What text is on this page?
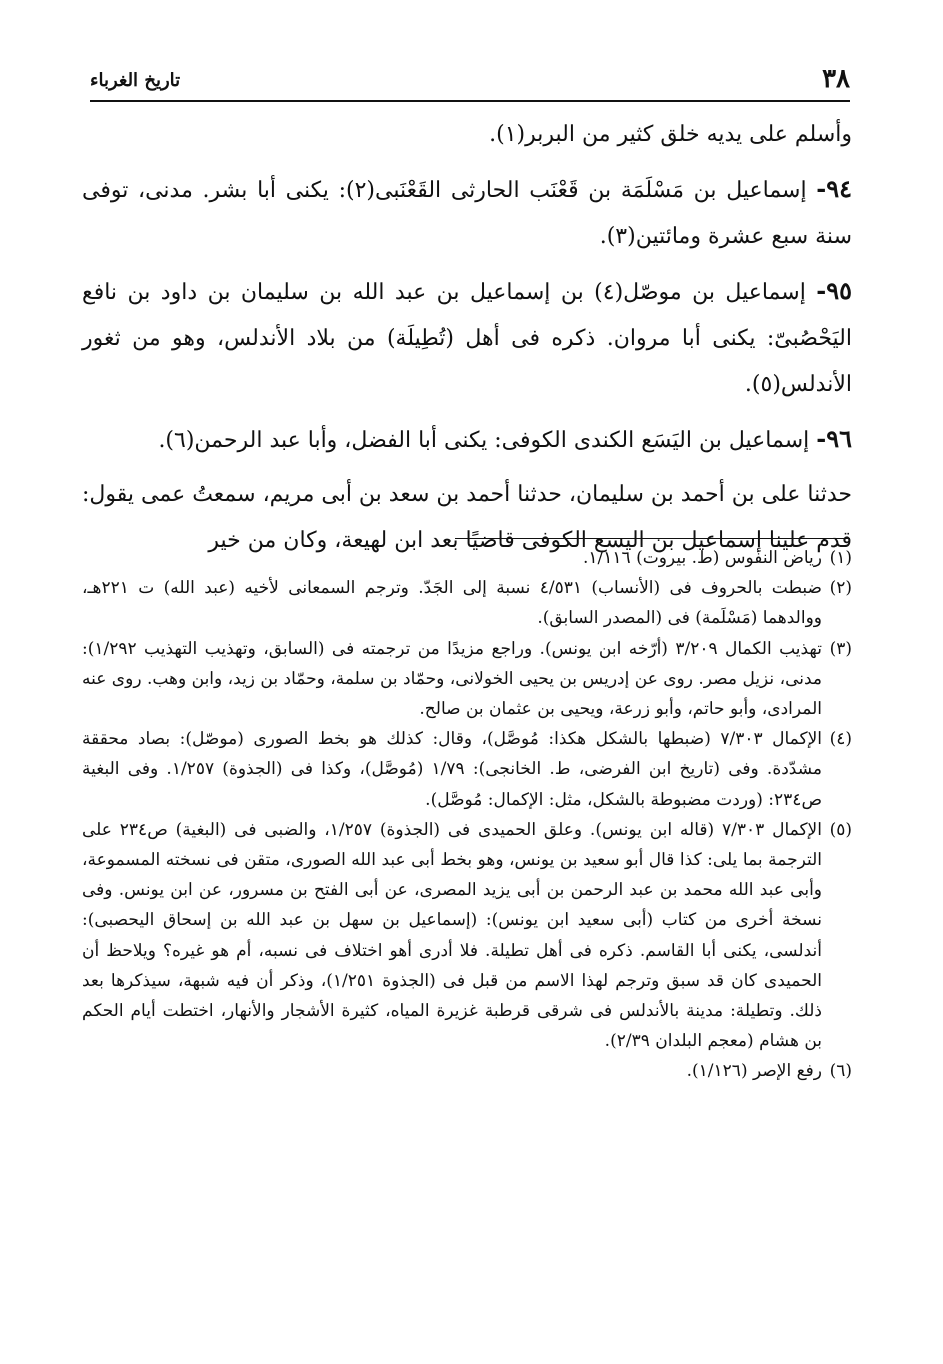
٣٨
تاريخ الغرباء

وأسلم على يديه خلق كثير من البربر(١).

٩٤- إسماعيل بن مَسْلَمَة بن قَعْنَب الحارثى القَعْنَبى(٢): يكنى أبا بشر. مدنى، توفى سنة سبع عشرة ومائتين(٣).

٩٥- إسماعيل بن موصّل(٤) بن إسماعيل بن عبد الله بن سليمان بن داود بن نافع اليَحْصُبىّ: يكنى أبا مروان. ذكره فى أهل (تُطِيلَة) من بلاد الأندلس، وهو من ثغور الأندلس(٥).

٩٦- إسماعيل بن اليَسَع الكندى الكوفى: يكنى أبا الفضل، وأبا عبد الرحمن(٦).

حدثنا على بن أحمد بن سليمان، حدثنا أحمد بن سعد بن أبى مريم، سمعتُ عمى يقول: قدم علينا إسماعيل بن اليسع الكوفى قاضيًا بعد ابن لهيعة، وكان من خير

(١)رياض النفوس (ط. بيروت) ١/١١٦.

(٢)ضبطت بالحروف فى (الأنساب) ٤/٥٣١ نسبة إلى الجَدّ. وترجم السمعانى لأخيه (عبد الله) ت ٢٢١هـ، ووالدهما (مَسْلَمة) فى (المصدر السابق).

(٣)تهذيب الكمال ٣/٢٠٩ (أرّخه ابن يونس). وراجع مزيدًا من ترجمته فى (السابق، وتهذيب التهذيب ١/٢٩٢): مدنى، نزيل مصر. روى عن إدريس بن يحيى الخولانى، وحمّاد بن سلمة، وحمّاد بن زيد، وابن وهب. روى عنه المرادى، وأبو حاتم، وأبو زرعة، ويحيى بن عثمان بن صالح.

(٤)الإكمال ٧/٣٠٣ (ضبطها بالشكل هكذا: مُوصَّل)، وقال: كذلك هو بخط الصورى (موصّل): بصاد محققة مشدّدة. وفى (تاريخ ابن الفرضى، ط. الخانجى): ١/٧٩ (مُوصَّل)، وكذا فى (الجذوة) ١/٢٥٧. وفى البغية ص٢٣٤: (وردت مضبوطة بالشكل، مثل: الإكمال: مُوصَّل).

(٥)الإكمال ٧/٣٠٣ (قاله ابن يونس). وعلق الحميدى فى (الجذوة) ١/٢٥٧، والضبى فى (البغية) ص٢٣٤ على الترجمة بما يلى: كذا قال أبو سعيد بن يونس، وهو بخط أبى عبد الله الصورى، متقن فى نسخته المسموعة، وأبى عبد الله محمد بن عبد الرحمن بن أبى يزيد المصرى، عن أبى الفتح بن مسرور، عن ابن يونس. وفى نسخة أخرى من كتاب (أبى سعيد ابن يونس): (إسماعيل بن سهل بن عبد الله بن إسحاق اليحصبى): أندلسى، يكنى أبا القاسم. ذكره فى أهل تطيلة. فلا أدرى أهو اختلاف فى نسبه، أم هو غيره؟ ويلاحظ أن الحميدى كان قد سبق وترجم لهذا الاسم من قبل فى (الجذوة ١/٢٥١)، وذكر أن فيه شبهة، سيذكرها بعد ذلك. وتطيلة: مدينة بالأندلس فى شرقى قرطبة غزيرة المياه، كثيرة الأشجار والأنهار، اختطت أيام الحكم بن هشام (معجم البلدان ٢/٣٩).

(٦)رفع الإصر (١/١٢٦).
